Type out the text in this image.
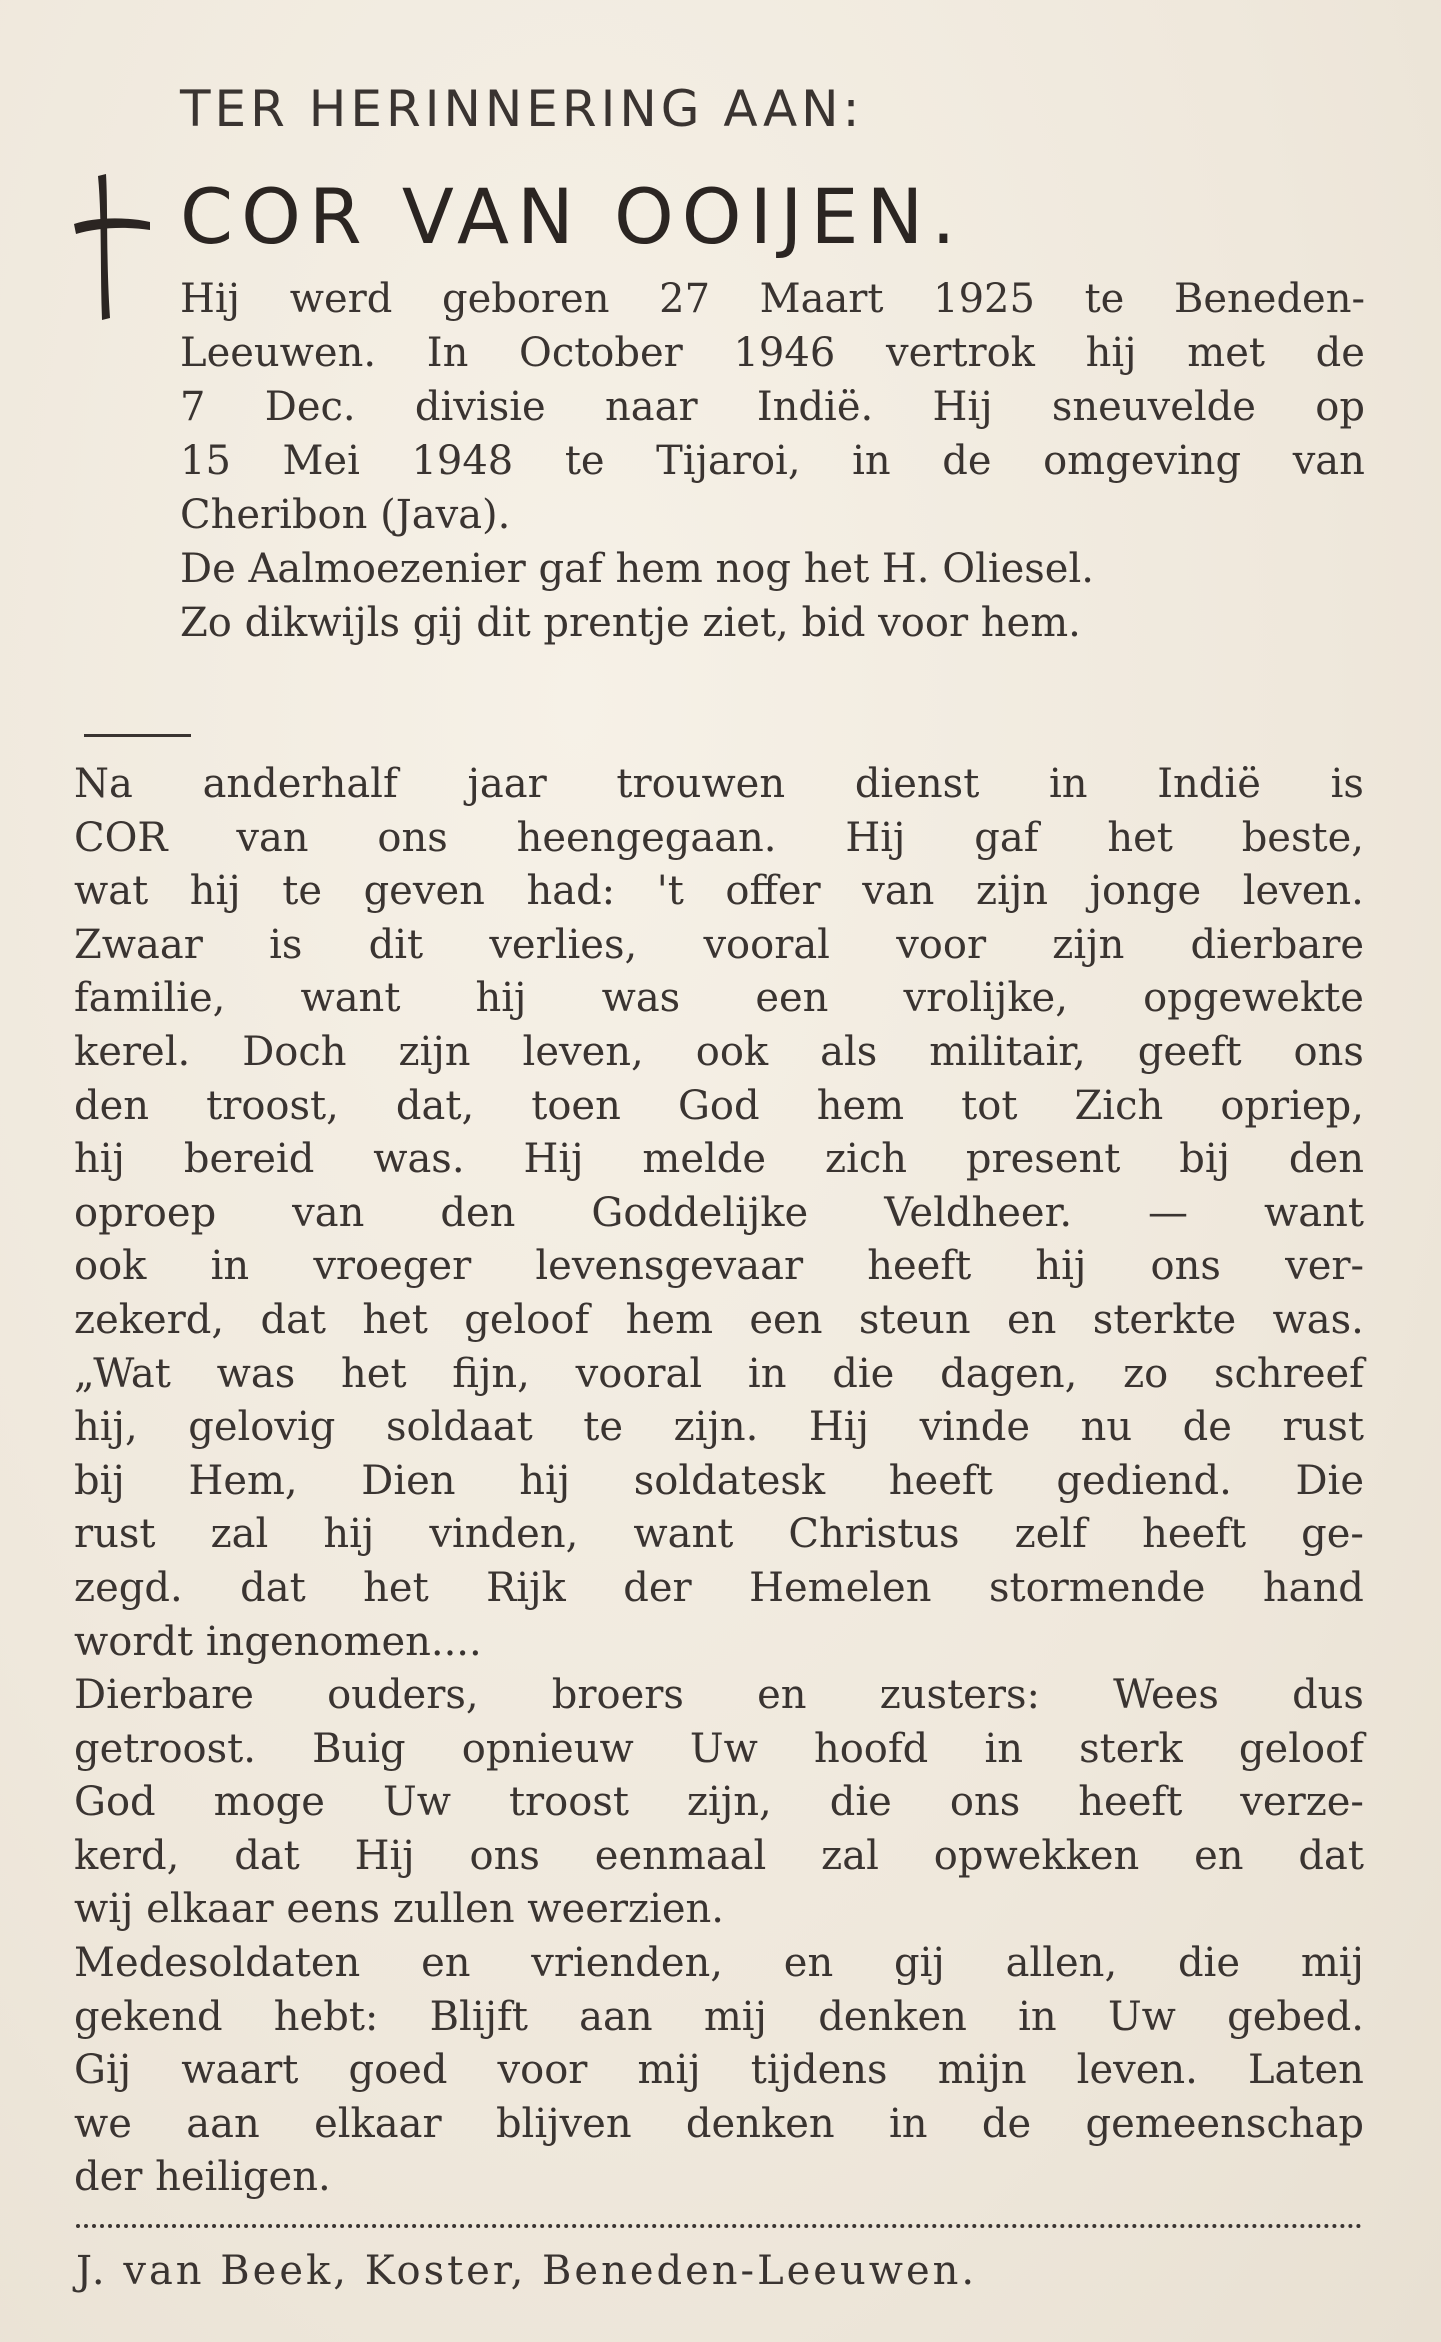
TER HERINNERING AAN:
COR VAN OOIJEN.
Hij werd geboren 27 Maart 1925 te Beneden-
Leeuwen. In October 1946 vertrok hij met de
7 Dec. divisie naar Indië. Hij sneuvelde op
15 Mei 1948 te Tijaroi, in de omgeving van
Cheribon (Java).
De Aalmoezenier gaf hem nog het H. Oliesel.
Zo dikwijls gij dit prentje ziet, bid voor hem.
Na anderhalf jaar trouwen dienst in Indië is
COR van ons heengegaan. Hij gaf het beste,
wat hij te geven had: 't offer van zijn jonge leven.
Zwaar is dit verlies, vooral voor zijn dierbare
familie, want hij was een vrolijke, opgewekte
kerel. Doch zijn leven, ook als militair, geeft ons
den troost, dat, toen God hem tot Zich opriep,
hij bereid was. Hij melde zich present bij den
oproep van den Goddelijke Veldheer. — want
ook in vroeger levensgevaar heeft hij ons ver-
zekerd, dat het geloof hem een steun en sterkte was.
„Wat was het fijn, vooral in die dagen, zo schreef
hij, gelovig soldaat te zijn. Hij vinde nu de rust
bij Hem, Dien hij soldatesk heeft gediend. Die
rust zal hij vinden, want Christus zelf heeft ge-
zegd. dat het Rijk der Hemelen stormende hand
wordt ingenomen....
Dierbare ouders, broers en zusters: Wees dus
getroost. Buig opnieuw Uw hoofd in sterk geloof
God moge Uw troost zijn, die ons heeft verze-
kerd, dat Hij ons eenmaal zal opwekken en dat
wij elkaar eens zullen weerzien.
Medesoldaten en vrienden, en gij allen, die mij
gekend hebt: Blijft aan mij denken in Uw gebed.
Gij waart goed voor mij tijdens mijn leven. Laten
we aan elkaar blijven denken in de gemeenschap
der heiligen.
J. van Beek, Koster, Beneden-Leeuwen.
